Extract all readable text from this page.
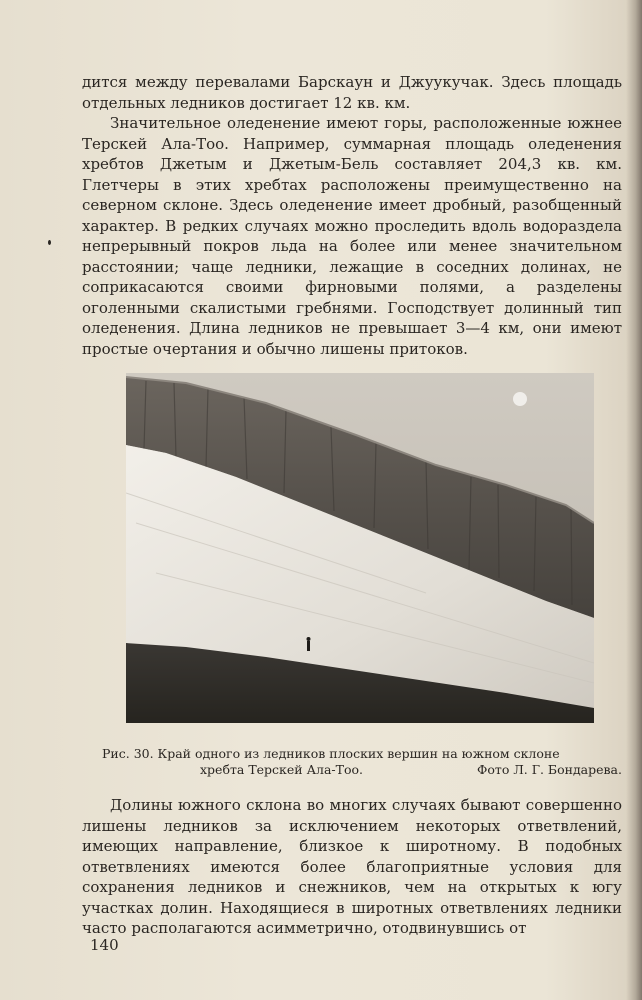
дится между перевалами Барскаун и Джуукучак. Здесь площадь отдельных ледников достигает 12 кв. км.

Значительное оледенение имеют горы, расположенные южнее Терскей Ала-Тоо. Например, суммарная площадь оледенения хребтов Джетым и Джетым-Бель составляет 204,3 кв. км. Глетчеры в этих хребтах расположены преимущественно на северном склоне. Здесь оледенение имеет дробный, разобщенный характер. В редких случаях можно проследить вдоль водораздела непрерывный покров льда на более или менее значительном расстоянии; чаще ледники, лежащие в соседних долинах, не соприкасаются своими фирновыми полями, а разделены оголенными скалистыми гребнями. Господствует долинный тип оледенения. Длина ледников не превышает 3—4 км, они имеют простые очертания и обычно лишены притоков.

Рис. 30. Край одного из ледников плоских вершин на южном склоне
хребта Терскей Ала-Тоо.	Фото Л. Г. Бондарева.

Долины южного склона во многих случаях бывают совершенно лишены ледников за исключением некоторых ответвлений, имеющих направление, близкое к широтному. В подобных ответвлениях имеются более благоприятные условия для сохранения ледников и снежников, чем на открытых к югу участках долин. Находящиеся в широтных ответвлениях ледники часто располагаются асимметрично, отодвинувшись от

140
